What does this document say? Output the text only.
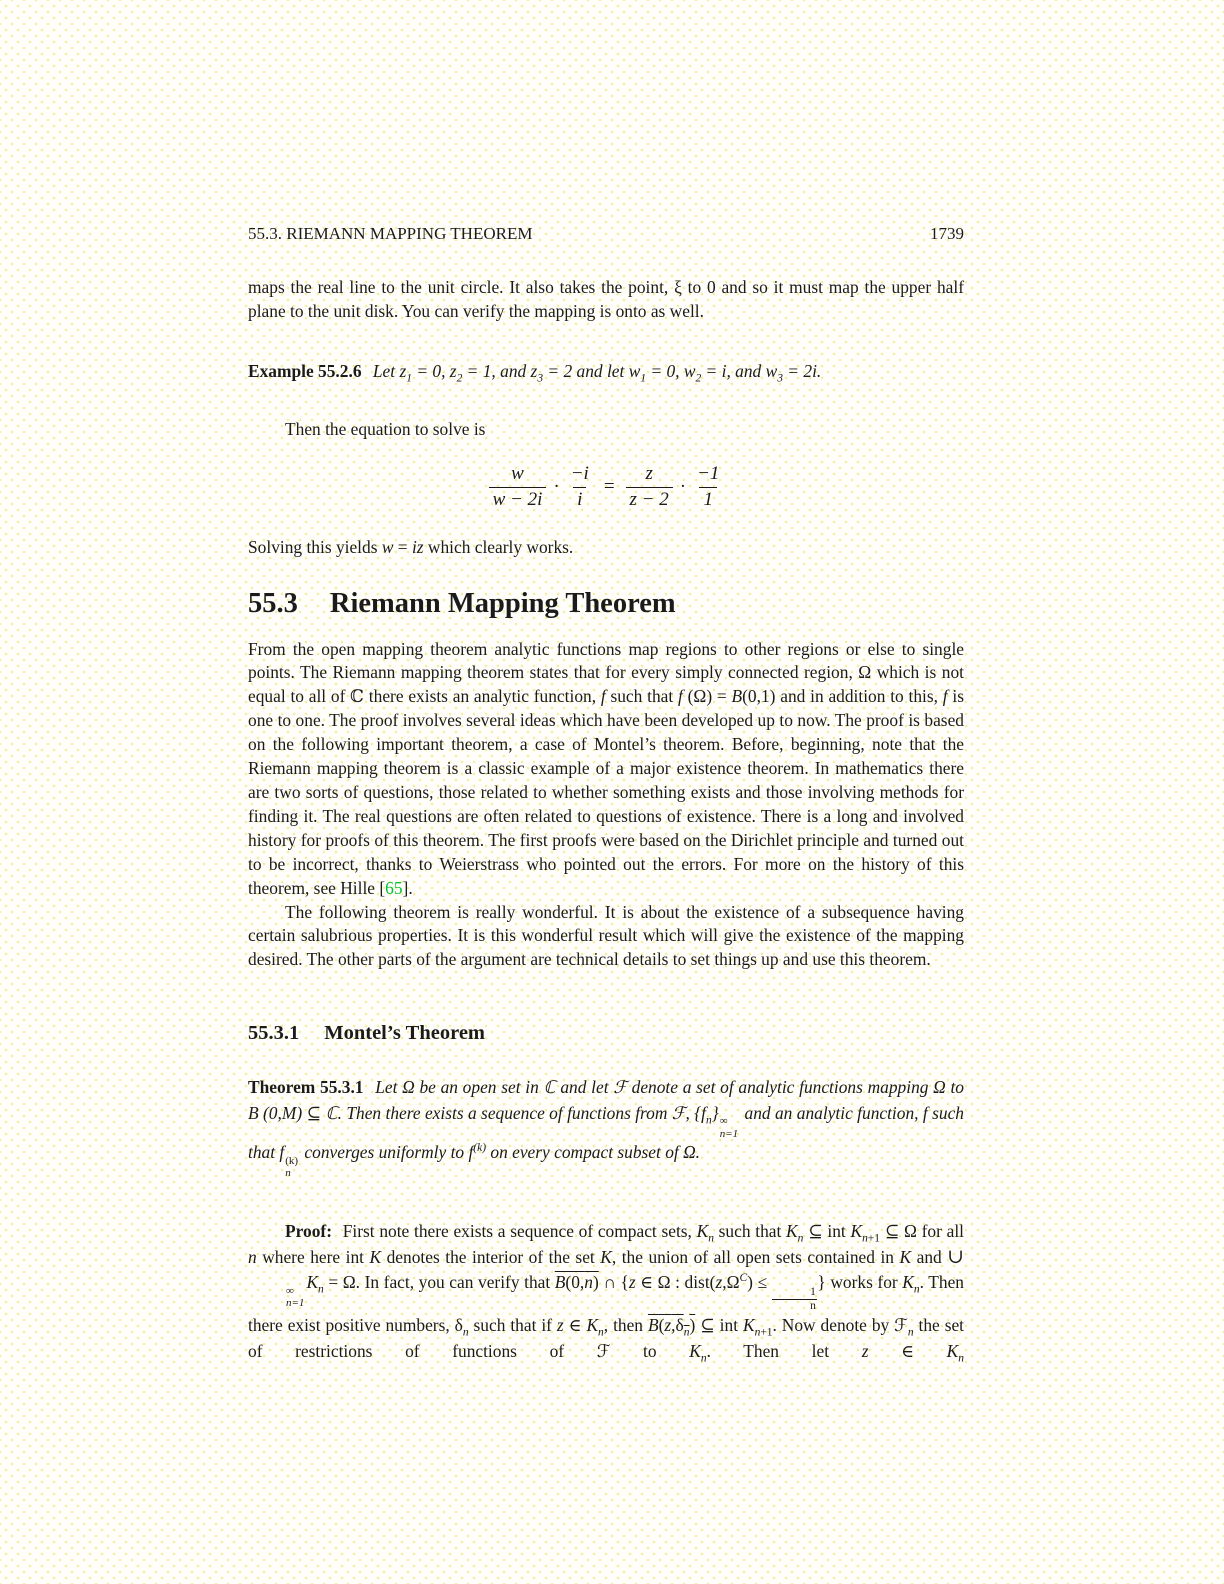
55.3. RIEMANN MAPPING THEOREM	1739

maps the real line to the unit circle. It also takes the point, ξ to 0 and so it must map the upper half plane to the unit disk. You can verify the mapping is onto as well.

Example 55.2.6 Let $z_1 = 0$, $z_2 = 1$, and $z_3 = 2$ and let $w_1 = 0$, $w_2 = i$, and $w_3 = 2i$.

Then the equation to solve is

$\frac{w}{w - 2i} \cdot \frac{-i}{i} = \frac{z}{z - 2} \cdot \frac{-1}{1}$

Solving this yields w = iz which clearly works.

55.3 Riemann Mapping Theorem

From the open mapping theorem analytic functions map regions to other regions or else to single points. The Riemann mapping theorem states that for every simply connected region, Ω which is not equal to all of ℂ there exists an analytic function, f such that f (Ω) = B(0,1) and in addition to this, f is one to one. The proof involves several ideas which have been developed up to now. The proof is based on the following important theorem, a case of Montel’s theorem. Before, beginning, note that the Riemann mapping theorem is a classic example of a major existence theorem. In mathematics there are two sorts of questions, those related to whether something exists and those involving methods for finding it. The real questions are often related to questions of existence. There is a long and involved history for proofs of this theorem. The first proofs were based on the Dirichlet principle and turned out to be incorrect, thanks to Weierstrass who pointed out the errors. For more on the history of this theorem, see Hille [65].

The following theorem is really wonderful. It is about the existence of a subsequence having certain salubrious properties. It is this wonderful result which will give the existence of the mapping desired. The other parts of the argument are technical details to set things up and use this theorem.

55.3.1 Montel’s Theorem

Theorem 55.3.1 Let Ω be an open set in ℂ and let ℱ denote a set of analytic functions mapping Ω to B (0,M) ⊆ ℂ. Then there exists a sequence of functions from ℱ, $\{f_n\}$ ∞
n=1
and an analytic function, f such that f (k)
n
converges uniformly to $f^{(k)}$ on every compact subset of Ω.

Proof: First note there exists a sequence of compact sets, $K_n$ such that $K_n$ ⊆ int $K_{n+1}$ ⊆ Ω for all n where here int K denotes the interior of the set K, the union of all open sets contained in K and ∪
∞
n=1
$K_n = \Omega$. In fact, you can verify that B(0,n) ∩ {z ∈ Ω : $dist(z,\Omega^C)$ ≤
$\frac{1}{n}$
} works for $K_n$. Then there exist positive numbers, $\delta_n$ such that if z ∈ $K_n$, then $B(z,\delta_n)$ ⊆ int $K_{n+1}$. Now denote by ℱ$_n$ the set of restrictions of functions of ℱ to $K_n$. Then let z ∈ $K_n$
